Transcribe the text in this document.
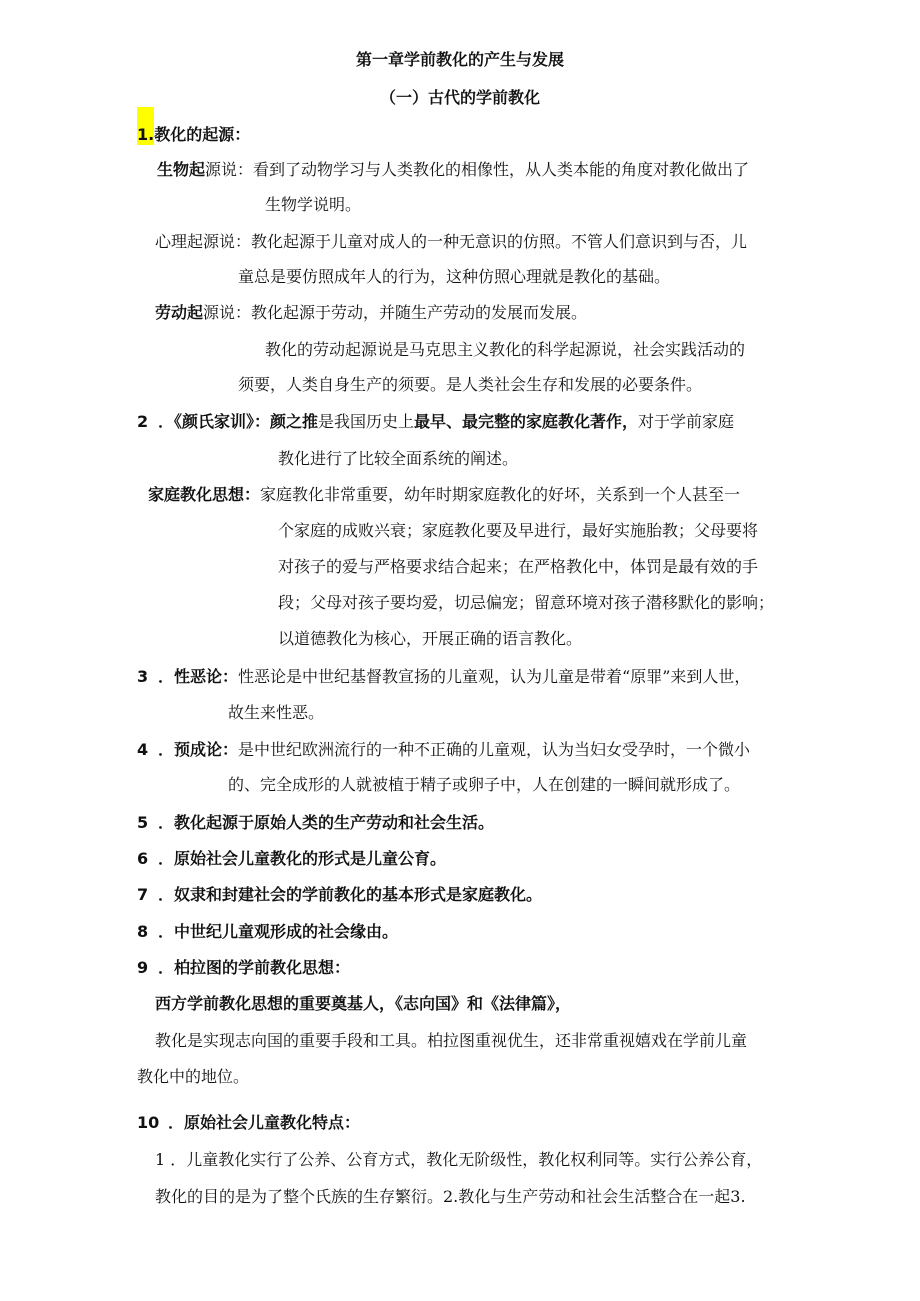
第一章学前教化的产生与发展
（一）古代的学前教化
1.教化的起源：
生物起源说：看到了动物学习与人类教化的相像性，从人类本能的角度对教化做出了
生物学说明。
心理起源说：教化起源于儿童对成人的一种无意识的仿照。不管人们意识到与否，儿
童总是要仿照成年人的行为，这种仿照心理就是教化的基础。
劳动起源说：教化起源于劳动，并随生产劳动的发展而发展。
教化的劳动起源说是马克思主义教化的科学起源说，社会实践活动的
须要，人类自身生产的须要。是人类社会生存和发展的必要条件。
2 ．《颜氏家训》：颜之推是我国历史上最早、最完整的家庭教化著作，对于学前家庭
教化进行了比较全面系统的阐述。
家庭教化思想：家庭教化非常重要，幼年时期家庭教化的好坏，关系到一个人甚至一
个家庭的成败兴衰；家庭教化要及早进行，最好实施胎教；父母要将
对孩子的爱与严格要求结合起来；在严格教化中，体罚是最有效的手
段；父母对孩子要均爱，切忌偏宠；留意环境对孩子潜移默化的影响；
以道德教化为核心，开展正确的语言教化。
3 ．性恶论：性恶论是中世纪基督教宣扬的儿童观，认为儿童是带着“原罪”来到人世，
故生来性恶。
4 ．预成论：是中世纪欧洲流行的一种不正确的儿童观，认为当妇女受孕时，一个微小
的、完全成形的人就被植于精子或卵子中，人在创建的一瞬间就形成了。
5 ．教化起源于原始人类的生产劳动和社会生活。
6 ．原始社会儿童教化的形式是儿童公育。
7 ．奴隶和封建社会的学前教化的基本形式是家庭教化。
8 ．中世纪儿童观形成的社会缘由。
9 ．柏拉图的学前教化思想：
西方学前教化思想的重要奠基人，《志向国》和《法律篇》，
教化是实现志向国的重要手段和工具。柏拉图重视优生，还非常重视嬉戏在学前儿童
教化中的地位。
10 ．原始社会儿童教化特点：
1 ．儿童教化实行了公养、公育方式，教化无阶级性，教化权利同等。实行公养公育，
教化的目的是为了整个氏族的生存繁衍。2.教化与生产劳动和社会生活整合在一起3.
